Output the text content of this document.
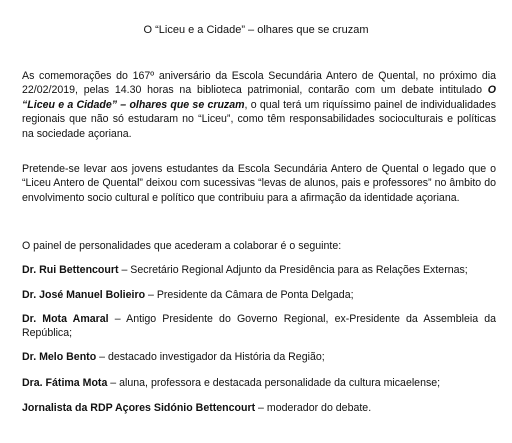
O “Liceu e a Cidade” – olhares que se cruzam

As comemorações do 167º aniversário da Escola Secundária Antero de Quental, no próximo dia 22/02/2019, pelas 14.30 horas na biblioteca patrimonial, contarão com um debate intitulado O “Liceu e a Cidade” – olhares que se cruzam, o qual terá um riquíssimo painel de individualidades regionais que não só estudaram no “Liceu”, como têm responsabilidades socioculturais e políticas na sociedade açoriana.

Pretende-se levar aos jovens estudantes da Escola Secundária Antero de Quental o legado que o “Liceu Antero de Quental” deixou com sucessivas “levas de alunos, pais e professores” no âmbito do envolvimento socio cultural e político que contribuiu para a afirmação da identidade açoriana.

O painel de personalidades que acederam a colaborar é o seguinte:

Dr. Rui Bettencourt – Secretário Regional Adjunto da Presidência para as Relações Externas;

Dr. José Manuel Bolieiro – Presidente da Câmara de Ponta Delgada;

Dr. Mota Amaral – Antigo Presidente do Governo Regional, ex-Presidente da Assembleia da República;

Dr. Melo Bento – destacado investigador da História da Região;

Dra. Fátima Mota – aluna, professora e destacada personalidade da cultura micaelense;

Jornalista da RDP Açores Sidónio Bettencourt – moderador do debate.
